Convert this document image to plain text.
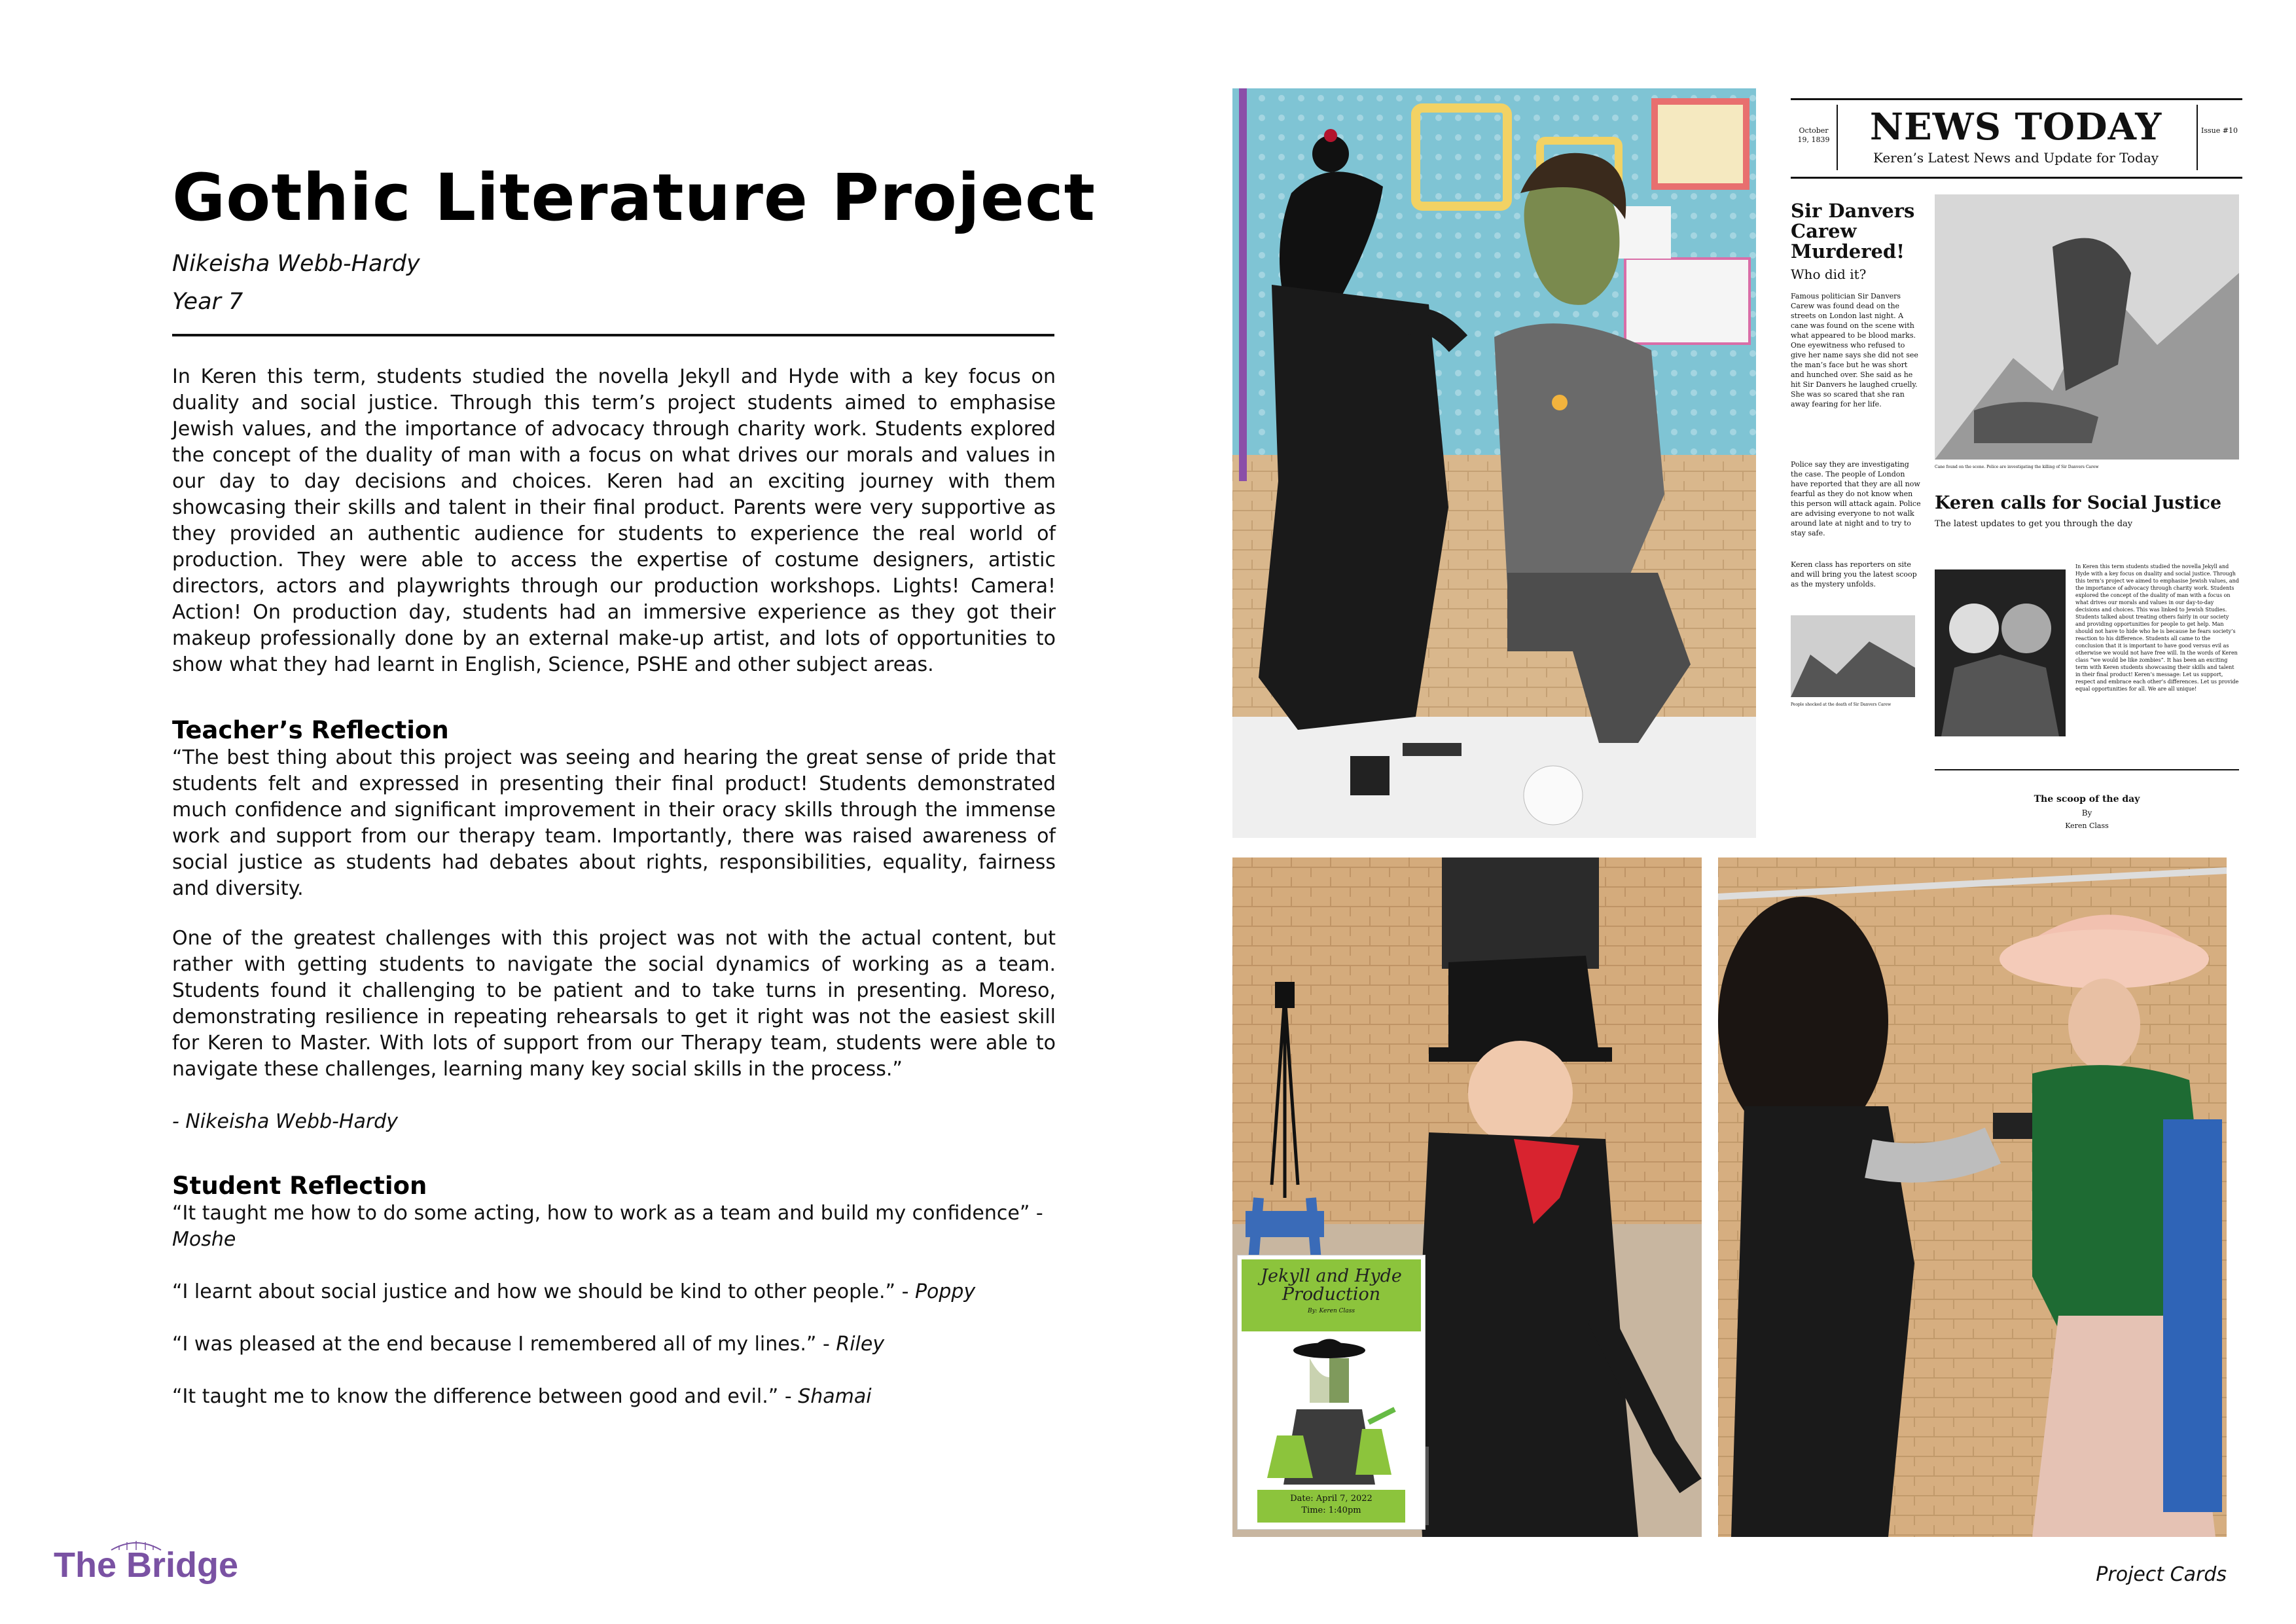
Gothic Literature Project
Nikeisha Webb-Hardy
Year 7
In Keren this term, students studied the novella Jekyll and Hyde with a key focus on duality and social justice. Through this term’s project students aimed to emphasise Jewish values, and the importance of advocacy through charity work. Students explored the concept of the duality of man with a focus on what drives our morals and values in our day to day decisions and choices. Keren had an exciting journey with them showcasing their skills and talent in their final product. Parents were very supportive as they provided an authentic audience for students to experience the real world of production. They were able to access the expertise of costume designers, artistic directors, actors and playwrights through our production workshops. Lights! Camera! Action! On production day, students had an immersive experience as they got their makeup professionally done by an external make-up artist, and lots of opportunities to show what they had learnt in English, Science, PSHE and other subject areas.
Teacher’s Reflection
“The best thing about this project was seeing and hearing the great sense of pride that students felt and expressed in presenting their final product! Students demonstrated much confidence and significant improvement in their oracy skills through the immense work and support from our therapy team. Importantly, there was raised awareness of social justice as students had debates about rights, responsibilities, equality, fairness and diversity.
One of the greatest challenges with this project was not with the actual content, but rather with getting students to navigate the social dynamics of working as a team. Students found it challenging to be patient and to take turns in presenting. Moreso, demonstrating resilience in repeating rehearsals to get it right was not the easiest skill for Keren to Master. With lots of support from our Therapy team, students were able to navigate these challenges, learning many key social skills in the process.”
- Nikeisha Webb-Hardy
Student Reflection
“It taught me how to do some acting, how to work as a team and build my confidence” - Moshe
“I learnt about social justice and how we should be kind to other people.” - Poppy
“I was pleased at the end because I remembered all of my lines.” - Riley
“It taught me to know the difference between good and evil.” - Shamai
The Bridge	Project Cards
NEWS TODAY
Keren’s Latest News and Update for Today
October 19, 1839
Issue #10
Sir Danvers Carew Murdered!
Who did it?
Famous politician Sir Danvers Carew was found dead on the streets on London last night. A cane was found on the scene with what appeared to be blood marks. One eyewitness who refused to give her name says she did not see the man’s face but he was short and hunched over. She said as he hit Sir Danvers he laughed cruelly. She was so scared that she ran away fearing for her life.
Police say they are investigating the case. The people of London have reported that they are all now fearful as they do not know when this person will attack again. Police are advising everyone to not walk around late at night and to try to stay safe.
Keren class has reporters on site and will bring you the latest scoop as the mystery unfolds.
Cane found on the scene. Police are investigating the killing of Sir Danvers Carew
Keren calls for Social Justice
The latest updates to get you through the day
People shocked at the death of Sir Danvers Carew
In Keren this term students studied the novella Jekyll and Hyde with a key focus on duality and social justice. Through this term’s project we aimed to emphasise Jewish values, and the importance of advocacy through charity work. Students explored the concept of the duality of man with a focus on what drives our morals and values in our day-to-day decisions and choices. This was linked to Jewish Studies. Students talked about treating others fairly in our society and providing opportunities for people to get help. Man should not have to hide who he is because he fears society’s reaction to his difference. Students all came to the conclusion that it is important to have good versus evil as otherwise we would not have free will. In the words of Keren class “we would be like zombies”. It has been an exciting term with Keren students showcasing their skills and talent in their final product! Keren’s message: Let us support, respect and embrace each other’s differences. Let us provide equal opportunities for all. We are all unique!
The scoop of the day
By
Keren Class
Jekyll and Hyde Production
By: Keren Class
Date: April 7, 2022
Time: 1:40pm
